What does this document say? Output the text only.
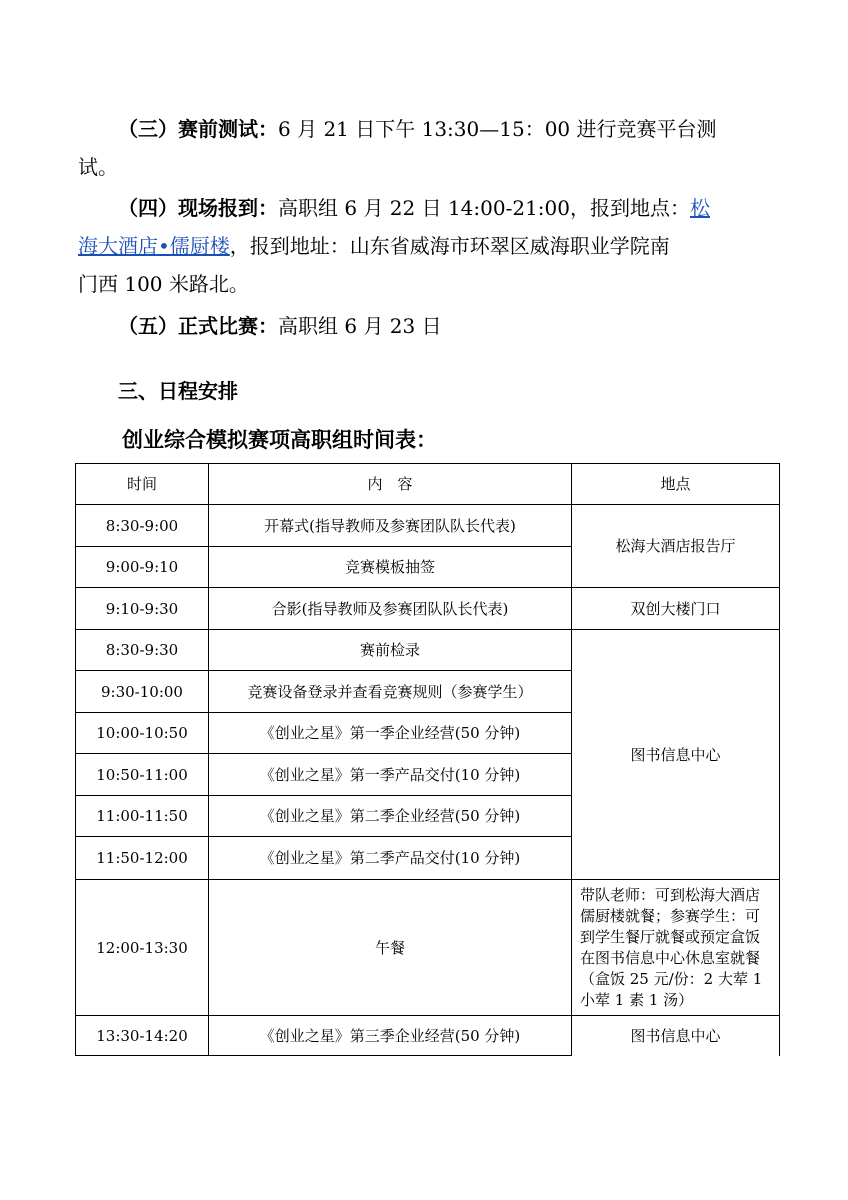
（三）赛前测试：6 月 21 日下午 13:30—15：00 进行竞赛平台测
试。
（四）现场报到：高职组 6 月 22 日 14:00-21:00，报到地点：松
海大酒店•儒厨楼，报到地址：山东省威海市环翠区威海职业学院南
门西 100 米路北。
（五）正式比赛：高职组 6 月 23 日
三、日程安排
创业综合模拟赛项高职组时间表：
时间	内　容	地点
8:30-9:00	开幕式(指导教师及参赛团队队长代表)	松海大酒店报告厅
9:00-9:10	竞赛模板抽签	
9:10-9:30	合影(指导教师及参赛团队队长代表)	双创大楼门口
8:30-9:30	赛前检录	图书信息中心
9:30-10:00	竞赛设备登录并查看竞赛规则（参赛学生）	
10:00-10:50	《创业之星》第一季企业经营(50 分钟)	
10:50-11:00	《创业之星》第一季产品交付(10 分钟)	
11:00-11:50	《创业之星》第二季企业经营(50 分钟)	
11:50-12:00	《创业之星》第二季产品交付(10 分钟)	
12:00-13:30	午餐	带队老师：可到松海大酒店儒厨楼就餐；参赛学生：可到学生餐厅就餐或预定盒饭在图书信息中心休息室就餐（盒饭 25 元/份：2 大荤 1 小荤 1 素 1 汤）
13:30-14:20	《创业之星》第三季企业经营(50 分钟)	图书信息中心
